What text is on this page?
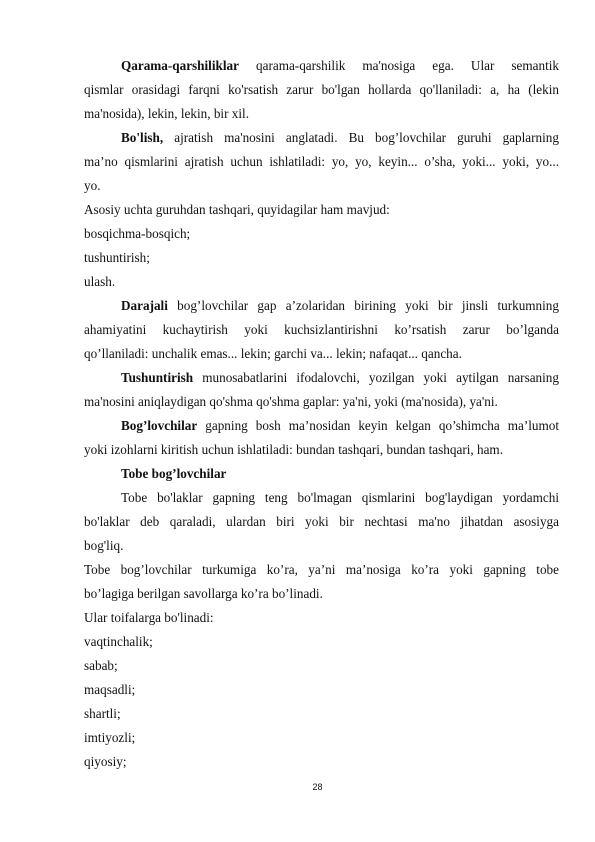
Qarama-qarshiliklar qarama-qarshilik ma'nosiga ega. Ular semantik
qismlar orasidagi farqni ko'rsatish zarur bo'lgan hollarda qo'llaniladi: a, ha (lekin
ma'nosida), lekin, lekin, bir xil.
Bo'lish, ajratish ma'nosini anglatadi. Bu bog’lovchilar guruhi gaplarning
ma’no qismlarini ajratish uchun ishlatiladi: yo, yo, keyin... o’sha, yoki... yoki, yo...
yo.
Asosiy uchta guruhdan tashqari, quyidagilar ham mavjud:
bosqichma-bosqich;
tushuntirish;
ulash.
Darajali bog’lovchilar gap a’zolaridan birining yoki bir jinsli turkumning
ahamiyatini kuchaytirish yoki kuchsizlantirishni ko’rsatish zarur bo’lganda
qo’llaniladi: unchalik emas... lekin; garchi va... lekin; nafaqat... qancha.
Tushuntirish munosabatlarini ifodalovchi, yozilgan yoki aytilgan narsaning
ma'nosini aniqlaydigan qo'shma qo'shma gaplar: ya'ni, yoki (ma'nosida), ya'ni.
Bog’lovchilar gapning bosh ma’nosidan keyin kelgan qo’shimcha ma’lumot
yoki izohlarni kiritish uchun ishlatiladi: bundan tashqari, bundan tashqari, ham.
Tobe bog’lovchilar
Tobe bo'laklar gapning teng bo'lmagan qismlarini bog'laydigan yordamchi
bo'laklar deb qaraladi, ulardan biri yoki bir nechtasi ma'no jihatdan asosiyga
bog'liq.
Tobe bog’lovchilar turkumiga ko’ra, ya’ni ma’nosiga ko’ra yoki gapning tobe
bo’lagiga berilgan savollarga ko’ra bo’linadi.
Ular toifalarga bo'linadi:
vaqtinchalik;
sabab;
maqsadli;
shartli;
imtiyozli;
qiyosiy;
28
